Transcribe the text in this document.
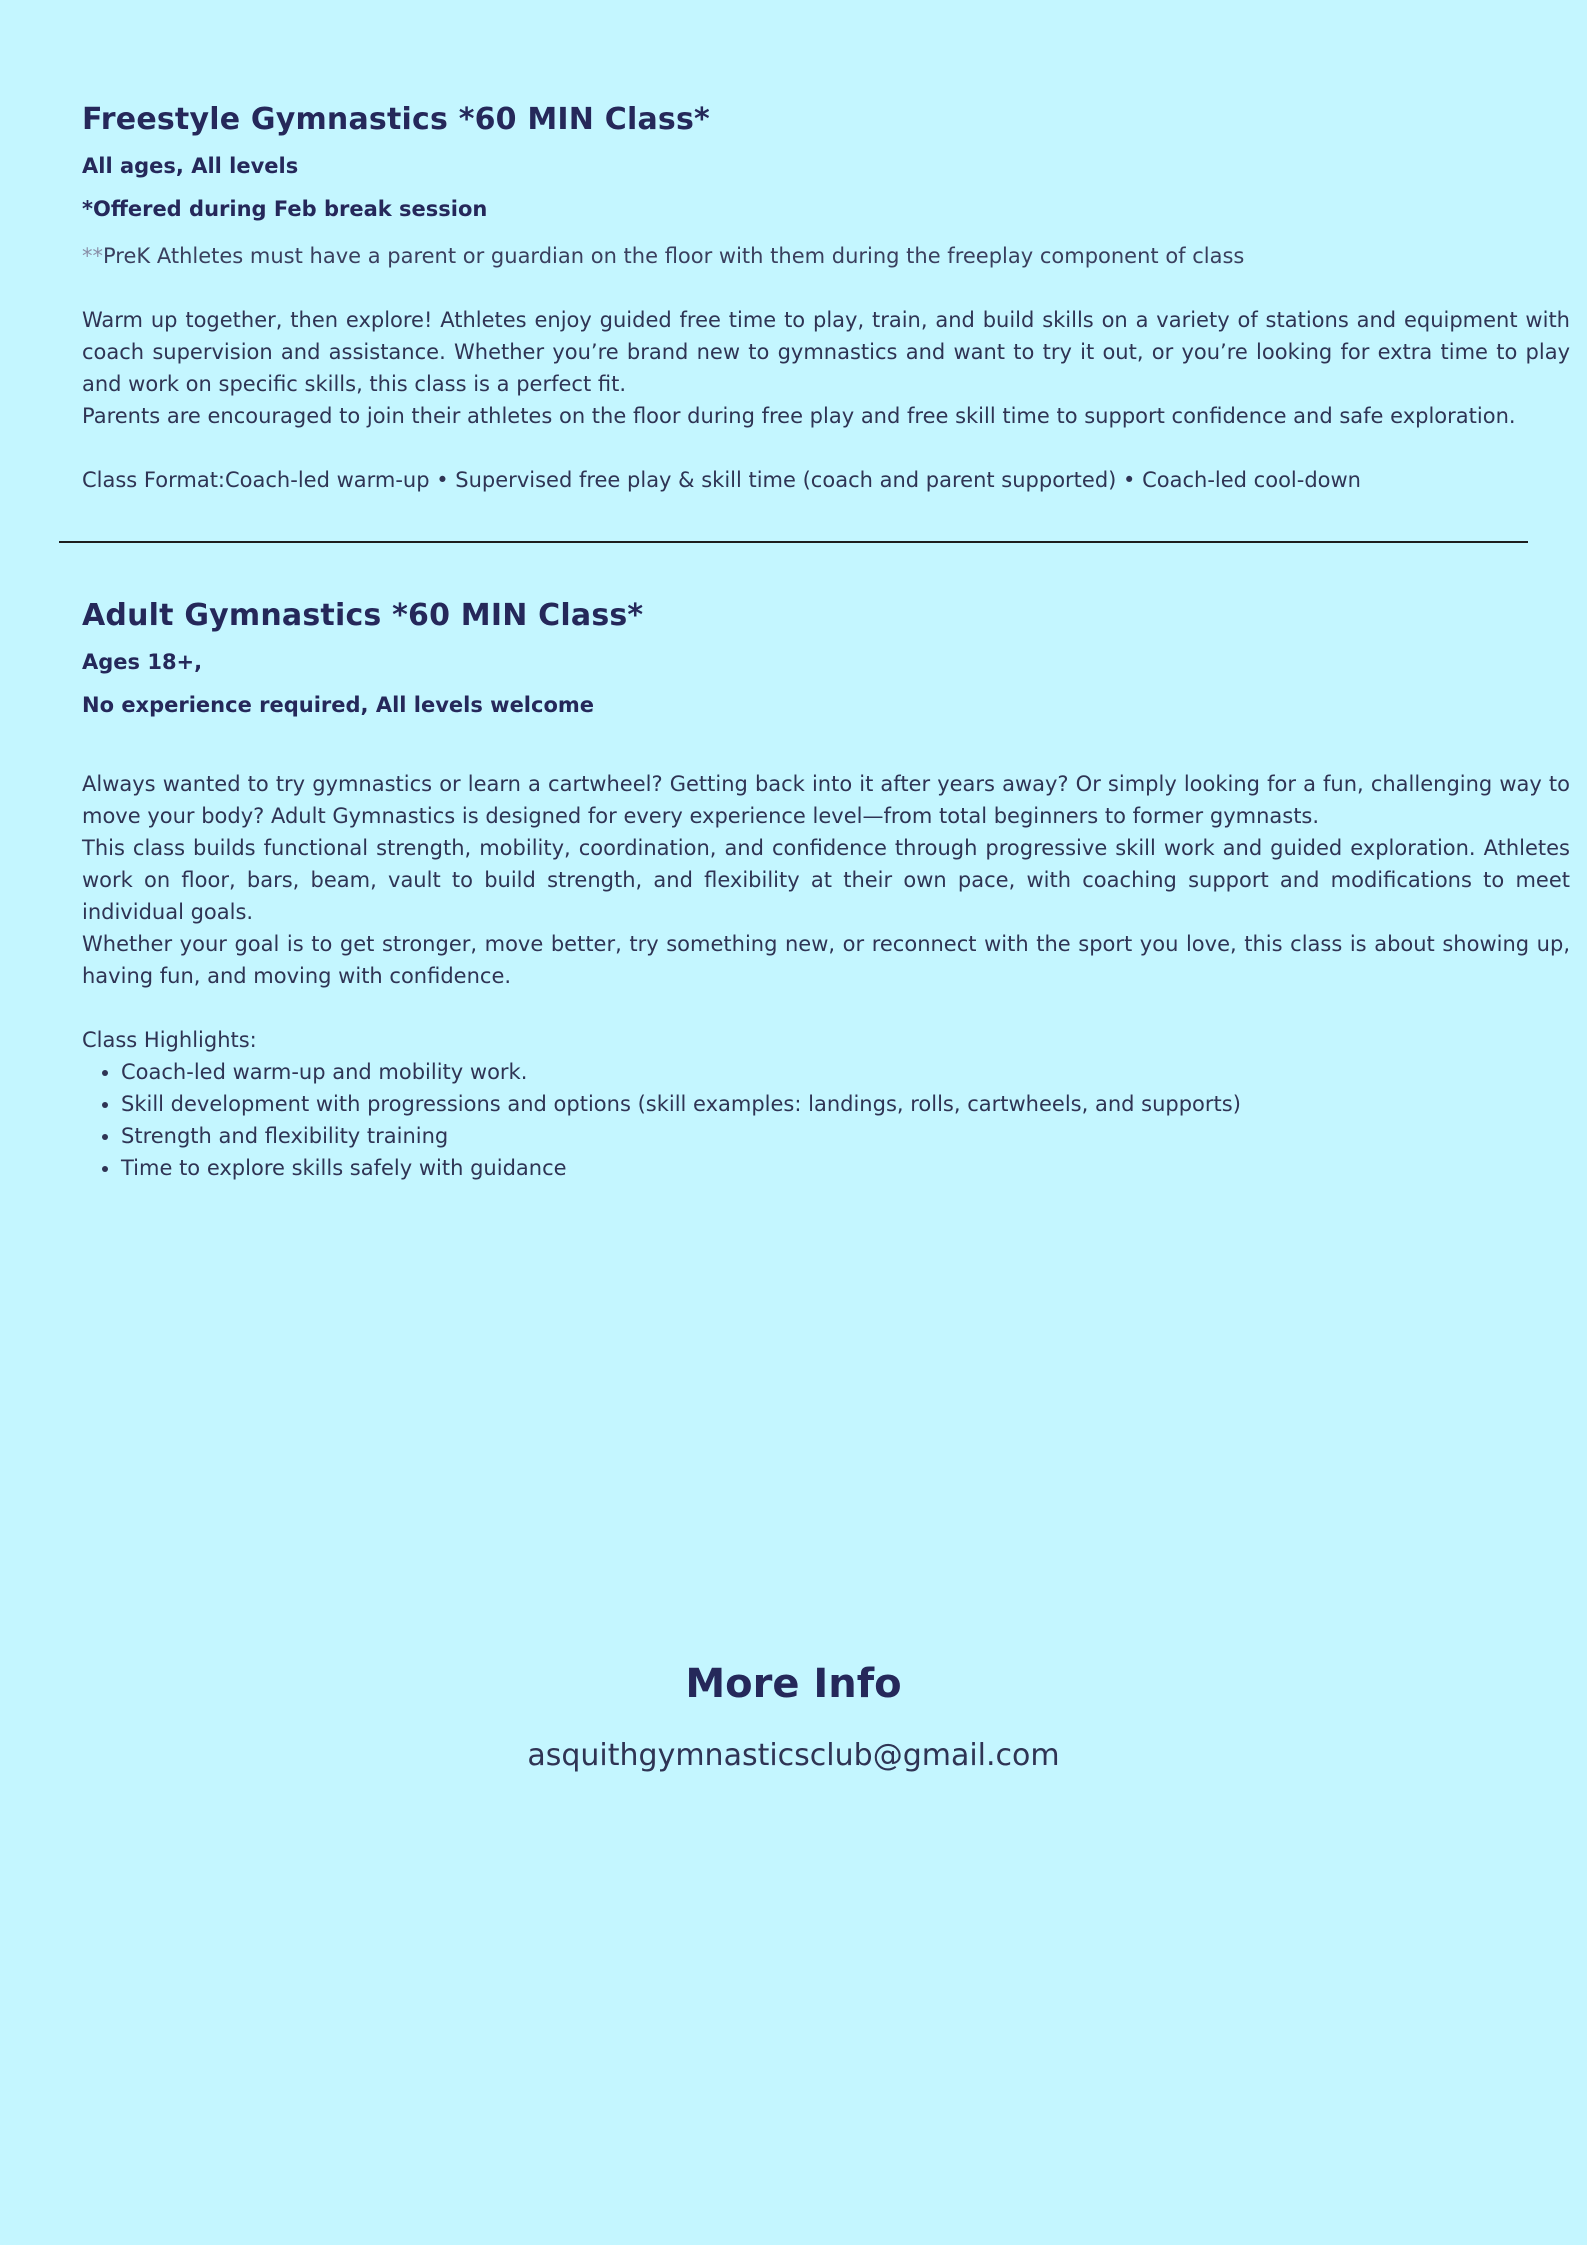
Freestyle Gymnastics *60 MIN Class*
All ages, All levels
*Offered during Feb break session

**PreK Athletes must have a parent or guardian on the floor with them during the freeplay component of class

Warm up together, then explore! Athletes enjoy guided free time to play, train, and build skills on a variety of stations and equipment with coach supervision and assistance. Whether you’re brand new to gymnastics and want to try it out, or you’re looking for extra time to play and work on specific skills, this class is a perfect fit.

Parents are encouraged to join their athletes on the floor during free play and free skill time to support confidence and safe exploration.

Class Format:Coach-led warm-up • Supervised free play & skill time (coach and parent supported) • Coach-led cool-down

Adult Gymnastics *60 MIN Class*
Ages 18+,
No experience required, All levels welcome

Always wanted to try gymnastics or learn a cartwheel? Getting back into it after years away? Or simply looking for a fun, challenging way to move your body? Adult Gymnastics is designed for every experience level—from total beginners to former gymnasts.

This class builds functional strength, mobility, coordination, and confidence through progressive skill work and guided exploration. Athletes work on floor, bars, beam, vault to build strength, and flexibility at their own pace, with coaching support and modifications to meet individual goals.

Whether your goal is to get stronger, move better, try something new, or reconnect with the sport you love, this class is about showing up, having fun, and moving with confidence.

Class Highlights:

• Coach-led warm-up and mobility work.
• Skill development with progressions and options (skill examples: landings, rolls, cartwheels, and supports)
• Strength and flexibility training
• Time to explore skills safely with guidance
More Info

asquithgymnasticsclub@gmail.com
